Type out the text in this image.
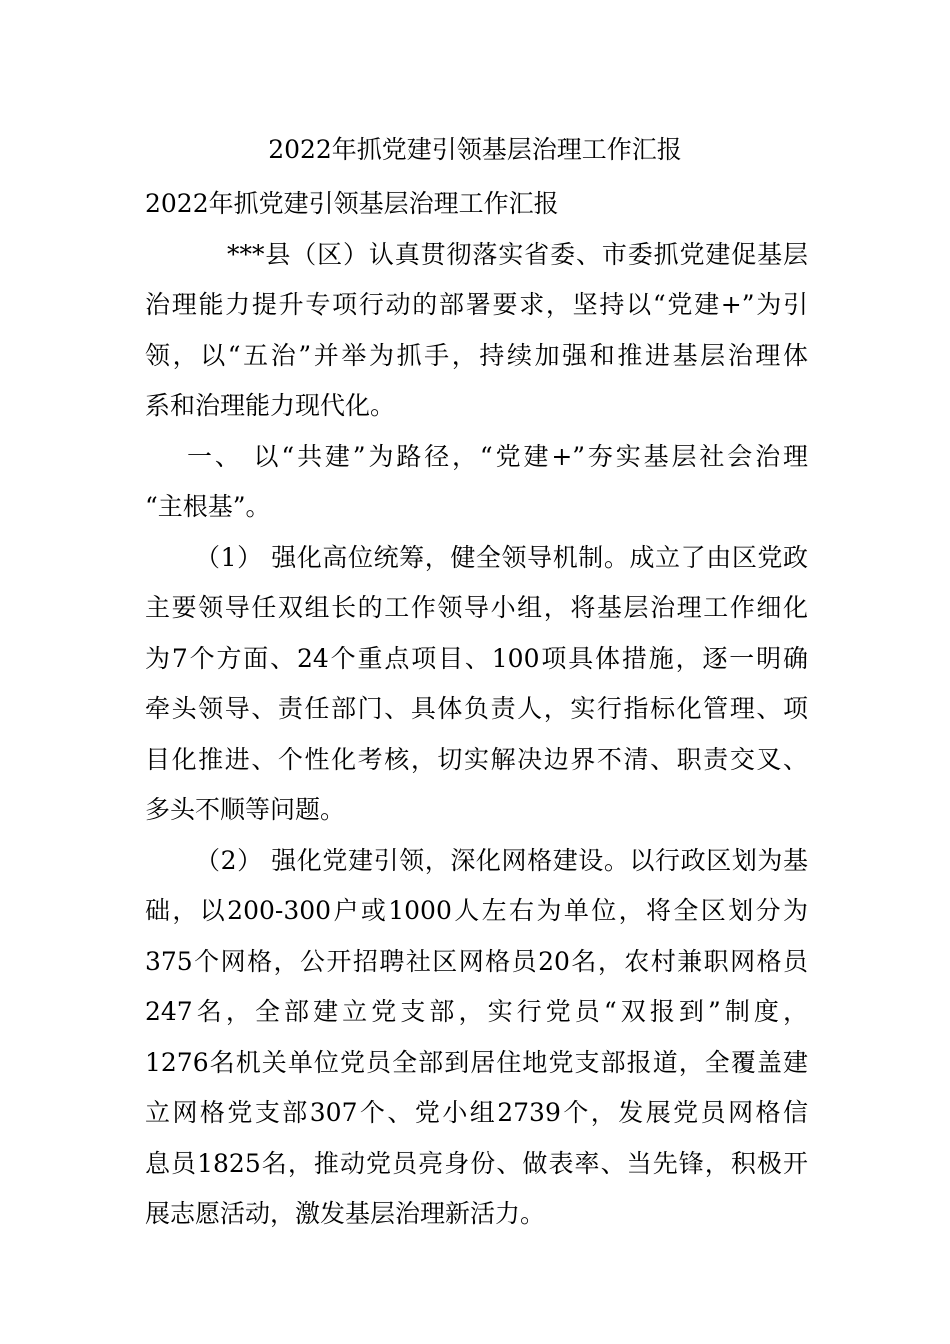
2022年抓党建引领基层治理工作汇报
2022年抓党建引领基层治理工作汇报
***县（区）认真贯彻落实省委、市委抓党建促基层
治理能力提升专项行动的部署要求，坚持以“党建+”为引
领，以“五治”并举为抓手，持续加强和推进基层治理体
系和治理能力现代化。
一、 以“共建”为路径，“党建+”夯实基层社会治理
“主根基”。
（1） 强化高位统筹，健全领导机制。成立了由区党政
主要领导任双组长的工作领导小组，将基层治理工作细化
为7个方面、24个重点项目、100项具体措施，逐一明确
牵头领导、责任部门、具体负责人，实行指标化管理、项
目化推进、个性化考核，切实解决边界不清、职责交叉、
多头不顺等问题。
（2） 强化党建引领，深化网格建设。以行政区划为基
础，以200-300户或1000人左右为单位，将全区划分为
375个网格，公开招聘社区网格员20名，农村兼职网格员
247名，全部建立党支部，实行党员“双报到”制度，
1276名机关单位党员全部到居住地党支部报道，全覆盖建
立网格党支部307个、党小组2739个，发展党员网格信
息员1825名，推动党员亮身份、做表率、当先锋，积极开
展志愿活动，激发基层治理新活力。
